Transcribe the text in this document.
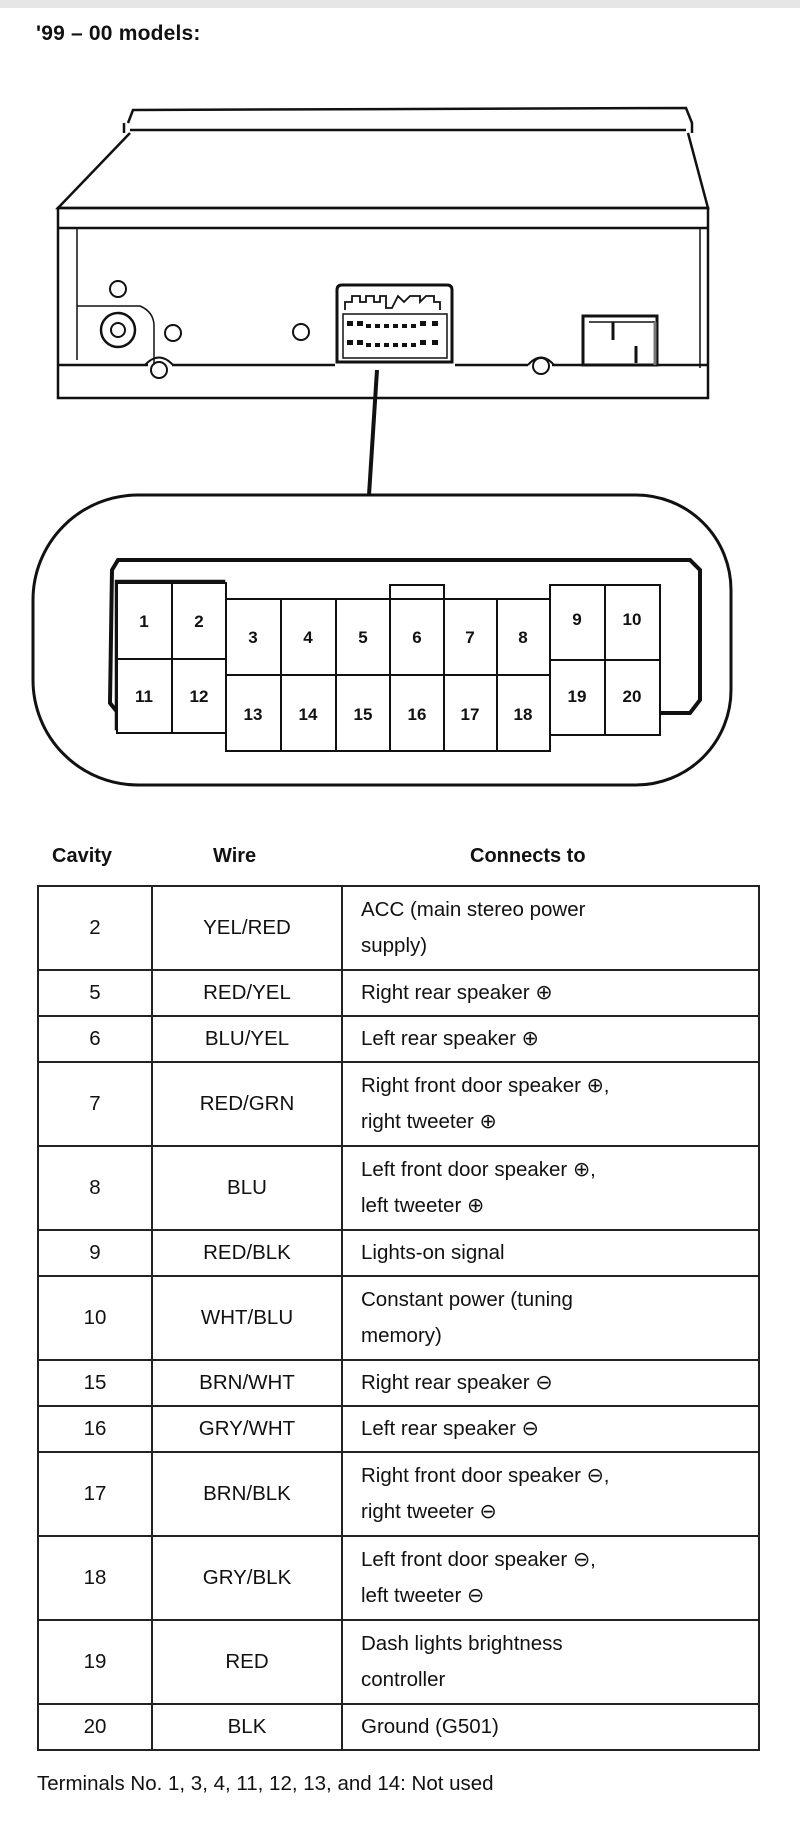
'99 – 00 models:
1	2
3	4	5	6	7	8
9 10
11 12
13 14 15 16 17 18
19 20
Cavity	Wire	Connects to
2	YEL/RED	ACC (main stereo power
supply)

5	RED/YEL	Right rear speaker ⊕

6	BLU/YEL	Left rear speaker ⊕

7	RED/GRN	Right front door speaker ⊕,
right tweeter ⊕

8	BLU	Left front door speaker ⊕,
left tweeter ⊕

9	RED/BLK	Lights-on signal

10	WHT/BLU	Constant power (tuning
memory)

15	BRN/WHT	Right rear speaker ⊖

16	GRY/WHT	Left rear speaker ⊖

17	BRN/BLK	Right front door speaker ⊖,
right tweeter ⊖

18	GRY/BLK	Left front door speaker ⊖,
left tweeter ⊖

19	RED	Dash lights brightness
controller

20	BLK	Ground (G501)
Terminals No. 1, 3, 4, 11, 12, 13, and 14: Not used
